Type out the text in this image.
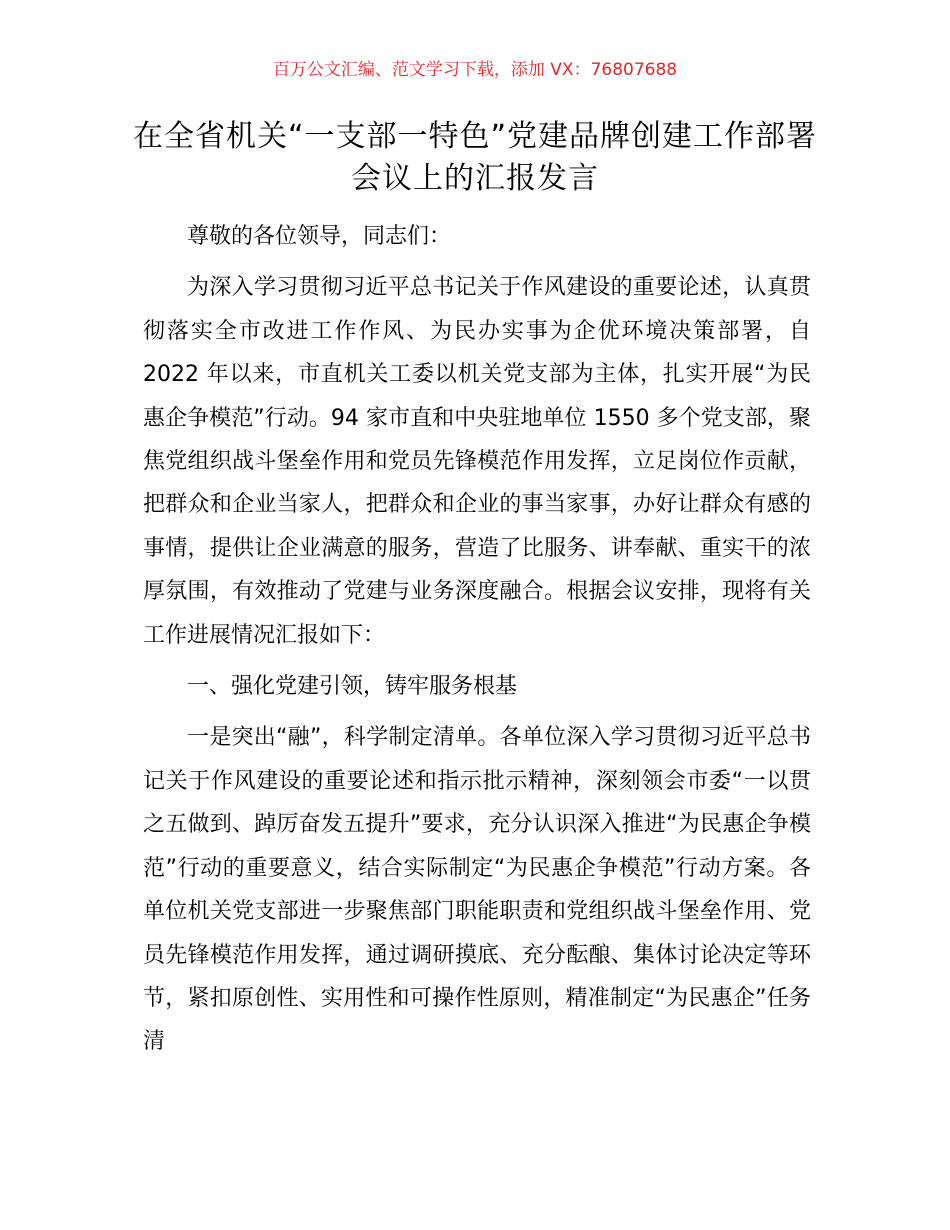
百万公文汇编、范文学习下载，添加 VX：76807688
在全省机关“一支部一特色”党建品牌创建工作部署会议上的汇报发言

尊敬的各位领导，同志们：

为深入学习贯彻习近平总书记关于作风建设的重要论述，认真贯彻落实全市改进工作作风、为民办实事为企优环境决策部署，自 2022 年以来，市直机关工委以机关党支部为主体，扎实开展“为民惠企争模范”行动。94 家市直和中央驻地单位 1550 多个党支部，聚焦党组织战斗堡垒作用和党员先锋模范作用发挥，立足岗位作贡献，把群众和企业当家人，把群众和企业的事当家事，办好让群众有感的事情，提供让企业满意的服务，营造了比服务、讲奉献、重实干的浓厚氛围，有效推动了党建与业务深度融合。根据会议安排，现将有关工作进展情况汇报如下：

一、强化党建引领，铸牢服务根基

一是突出“融”，科学制定清单。各单位深入学习贯彻习近平总书记关于作风建设的重要论述和指示批示精神，深刻领会市委“一以贯之五做到、踔厉奋发五提升”要求，充分认识深入推进“为民惠企争模范”行动的重要意义，结合实际制定“为民惠企争模范”行动方案。各单位机关党支部进一步聚焦部门职能职责和党组织战斗堡垒作用、党员先锋模范作用发挥，通过调研摸底、充分酝酿、集体讨论决定等环节，紧扣原创性、实用性和可操作性原则，精准制定“为民惠企”任务清
